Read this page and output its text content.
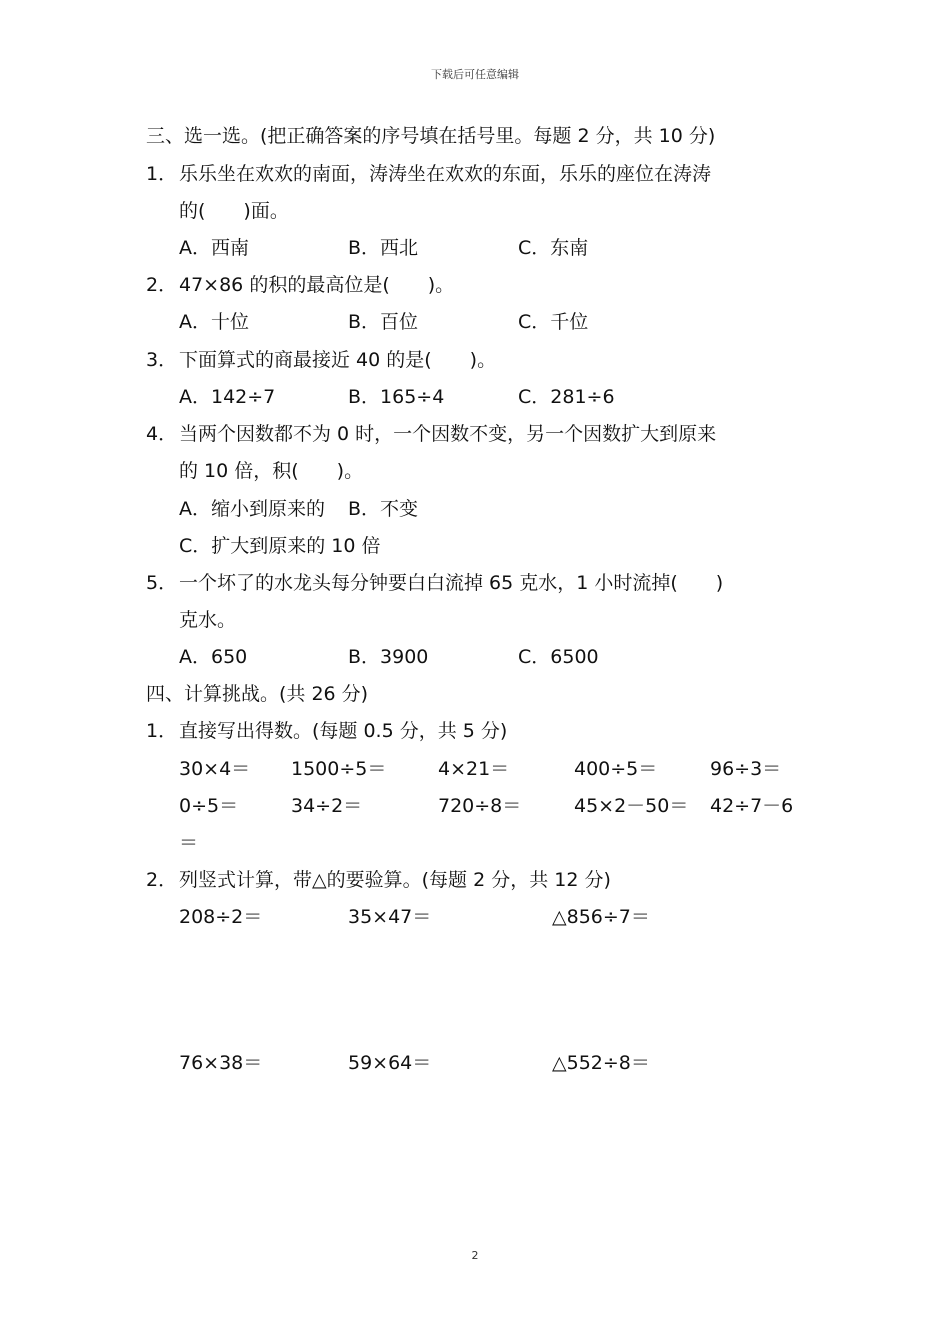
下载后可任意编辑
三、选一选。(把正确答案的序号填在括号里。每题 2 分，共 10 分)
1． 乐乐坐在欢欢的南面，涛涛坐在欢欢的东面，乐乐的座位在涛涛
的(　　)面。
A．西南	B．西北	C．东南
2． 47×86 的积的最高位是(　　)。
A．十位	B．百位	C．千位
3． 下面算式的商最接近 40 的是(　　)。
A．142÷7	B．165÷4	C．281÷6
4． 当两个因数都不为 0 时，一个因数不变，另一个因数扩大到原来
的 10 倍，积(　　)。
A．缩小到原来的 B．不变
C．扩大到原来的 10 倍
5． 一个坏了的水龙头每分钟要白白流掉 65 克水，1 小时流掉(　　)
克水。
A．650	B．3900	C．6500
四、计算挑战。(共 26 分)
1． 直接写出得数。(每题 0.5 分，共 5 分)
30×4＝ 1500÷5＝	4×21＝	400÷5＝	96÷3＝
0÷5＝	34÷2＝	720÷8＝	45×2－50＝ 42÷7－6
＝
2． 列竖式计算，带△的要验算。(每题 2 分，共 12 分)
208÷2＝	35×47＝	△856÷7＝
76×38＝	59×64＝	△552÷8＝
2
